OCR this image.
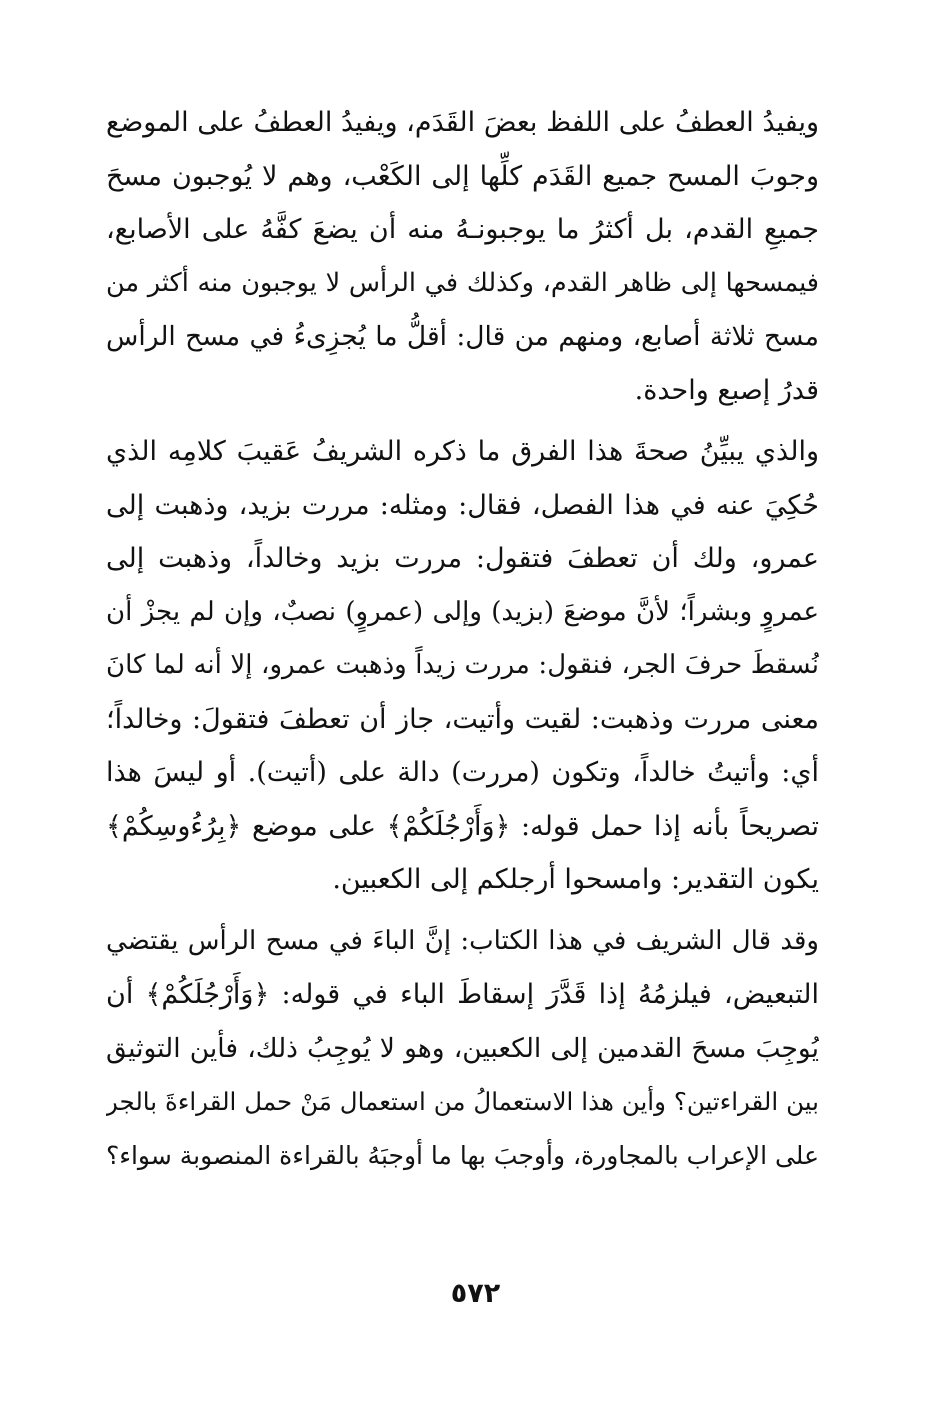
ويفيدُ العطفُ على اللفظ بعضَ القَدَم، ويفيدُ العطفُ على الموضع
وجوبَ المسح جميع القَدَم كلِّها إلى الكَعْب، وهم لا يُوجبون مسحَ
جميعِ القدم، بل أكثرُ ما يوجبونـهُ منه أن يضعَ كفَّهُ على الأصابع،
فيمسحها إلى ظاهر القدم، وكذلك في الرأس لا يوجبون منه أكثر من
مسح ثلاثة أصابع، ومنهم من قال: أقلُّ ما يُجزِىءُ في مسح الرأس
قدرُ إصبع واحدة.

والذي يبيِّنُ صحةَ هذا الفرق ما ذكره الشريفُ عَقيبَ كلامِه الذي
حُكِيَ عنه في هذا الفصل، فقال: ومثله: مررت بزيد، وذهبت إلى
عمرو، ولك أن تعطفَ فتقول: مررت بزيد وخالداً، وذهبت إلى
عمروٍ وبشراً؛ لأنَّ موضعَ (بزيد) وإلى (عمروٍ) نصبٌ، وإن لم يجزْ أن
نُسقطَ حرفَ الجر، فنقول: مررت زيداً وذهبت عمرو، إلا أنه لما كانَ
معنى مررت وذهبت: لقيت وأتيت، جاز أن تعطفَ فتقولَ: وخالداً؛
أي: وأتيتُ خالداً، وتكون (مررت) دالة على (أتيت). أو ليسَ هذا
تصريحاً بأنه إذا حمل قوله: ﴿وَأَرْجُلَكُمْ﴾ على موضع ﴿بِرُءُوسِكُمْ﴾
يكون التقدير: وامسحوا أرجلكم إلى الكعبين.

وقد قال الشريف في هذا الكتاب: إنَّ الباءَ في مسح الرأس يقتضي
التبعيض، فيلزمُهُ إذا قَدَّرَ إسقاطَ الباء في قوله: ﴿وَأَرْجُلَكُمْ﴾ أن
يُوجِبَ مسحَ القدمين إلى الكعبين، وهو لا يُوجِبُ ذلك، فأين التوثيق
بين القراءتين؟ وأين هذا الاستعمالُ من استعمال مَنْ حمل القراءةَ بالجر
على الإعراب بالمجاورة، وأوجبَ بها ما أوجبَهُ بالقراءة المنصوبة سواء؟

٥٧٢
